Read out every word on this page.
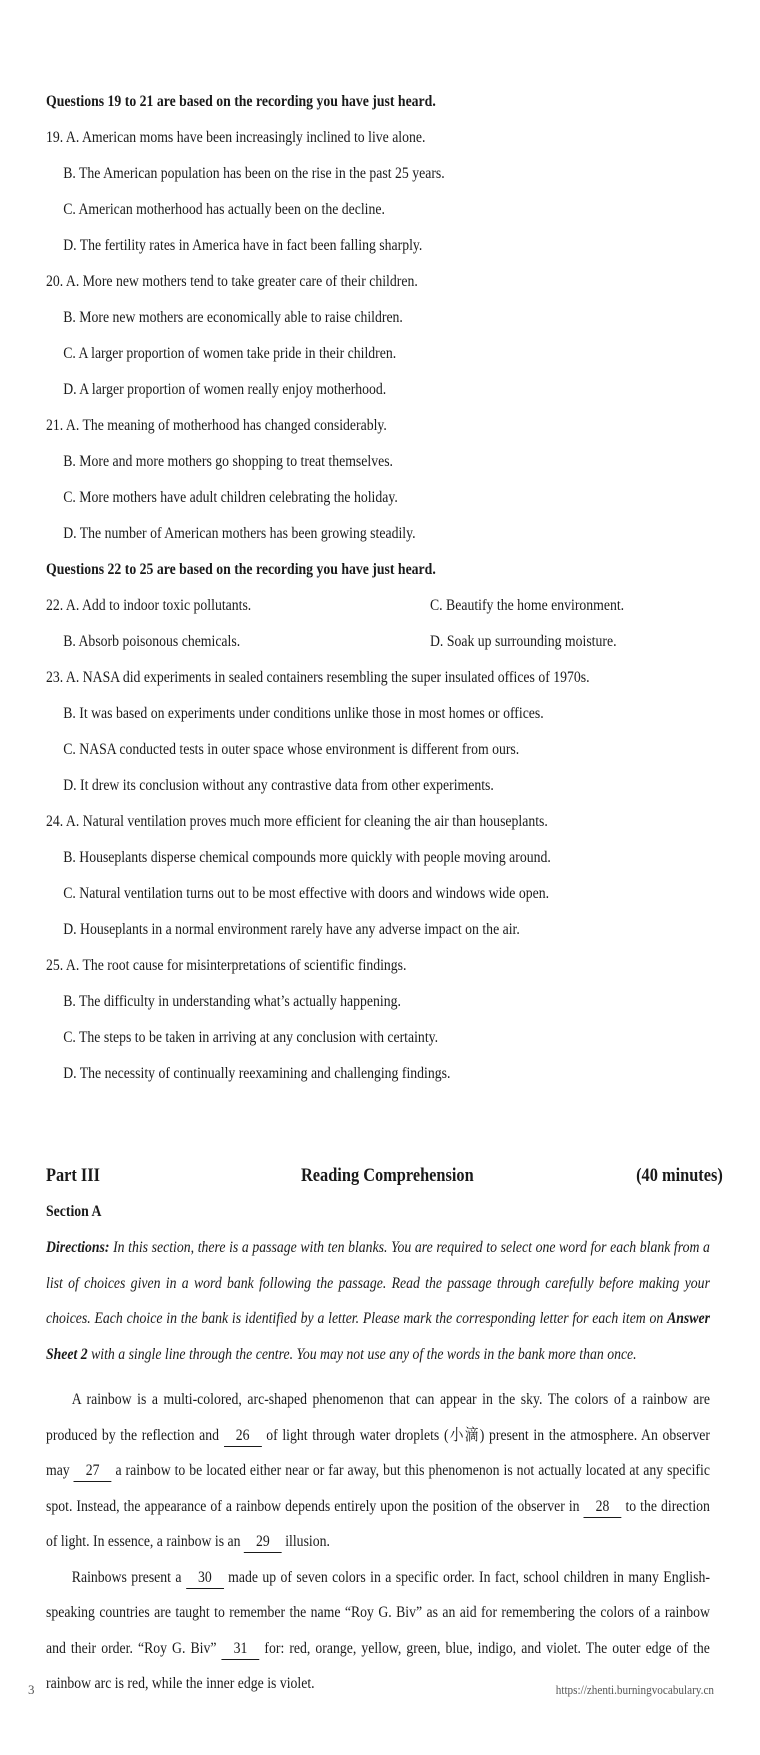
Questions 19 to 21 are based on the recording you have just heard.
19. A. American moms have been increasingly inclined to live alone.
B. The American population has been on the rise in the past 25 years.
C. American motherhood has actually been on the decline.
D. The fertility rates in America have in fact been falling sharply.
20. A. More new mothers tend to take greater care of their children.
B. More new mothers are economically able to raise children.
C. A larger proportion of women take pride in their children.
D. A larger proportion of women really enjoy motherhood.
21. A. The meaning of motherhood has changed considerably.
B. More and more mothers go shopping to treat themselves.
C. More mothers have adult children celebrating the holiday.
D. The number of American mothers has been growing steadily.
Questions 22 to 25 are based on the recording you have just heard.
22. A. Add to indoor toxic pollutants.	C. Beautify the home environment.
B. Absorb poisonous chemicals.	D. Soak up surrounding moisture.
23. A. NASA did experiments in sealed containers resembling the super insulated offices of 1970s.
B. It was based on experiments under conditions unlike those in most homes or offices.
C. NASA conducted tests in outer space whose environment is different from ours.
D. It drew its conclusion without any contrastive data from other experiments.
24. A. Natural ventilation proves much more efficient for cleaning the air than houseplants.
B. Houseplants disperse chemical compounds more quickly with people moving around.
C. Natural ventilation turns out to be most effective with doors and windows wide open.
D. Houseplants in a normal environment rarely have any adverse impact on the air.
25. A. The root cause for misinterpretations of scientific findings.
B. The difficulty in understanding what’s actually happening.
C. The steps to be taken in arriving at any conclusion with certainty.
D. The necessity of continually reexamining and challenging findings.
Part III	Reading Comprehension	(40 minutes)
Section A
Directions: In this section, there is a passage with ten blanks. You are required to select one word for each blank from a list of choices given in a word bank following the passage. Read the passage through carefully before making your choices. Each choice in the bank is identified by a letter. Please mark the corresponding letter for each item on Answer Sheet 2 with a single line through the centre. You may not use any of the words in the bank more than once.
A rainbow is a multi-colored, arc-shaped phenomenon that can appear in the sky. The colors of a rainbow are produced by the reflection and 26 of light through water droplets (小滴) present in the atmosphere. An observer may 27 a rainbow to be located either near or far away, but this phenomenon is not actually located at any specific spot. Instead, the appearance of a rainbow depends entirely upon the position of the observer in 28 to the direction of light. In essence, a rainbow is an 29 illusion.
Rainbows present a 30 made up of seven colors in a specific order. In fact, school children in many English-speaking countries are taught to remember the name “Roy G. Biv” as an aid for remembering the colors of a rainbow and their order. “Roy G. Biv” 31 for: red, orange, yellow, green, blue, indigo, and violet. The outer edge of the rainbow arc is red, while the inner edge is violet.
3	https://zhenti.burningvocabulary.cn
